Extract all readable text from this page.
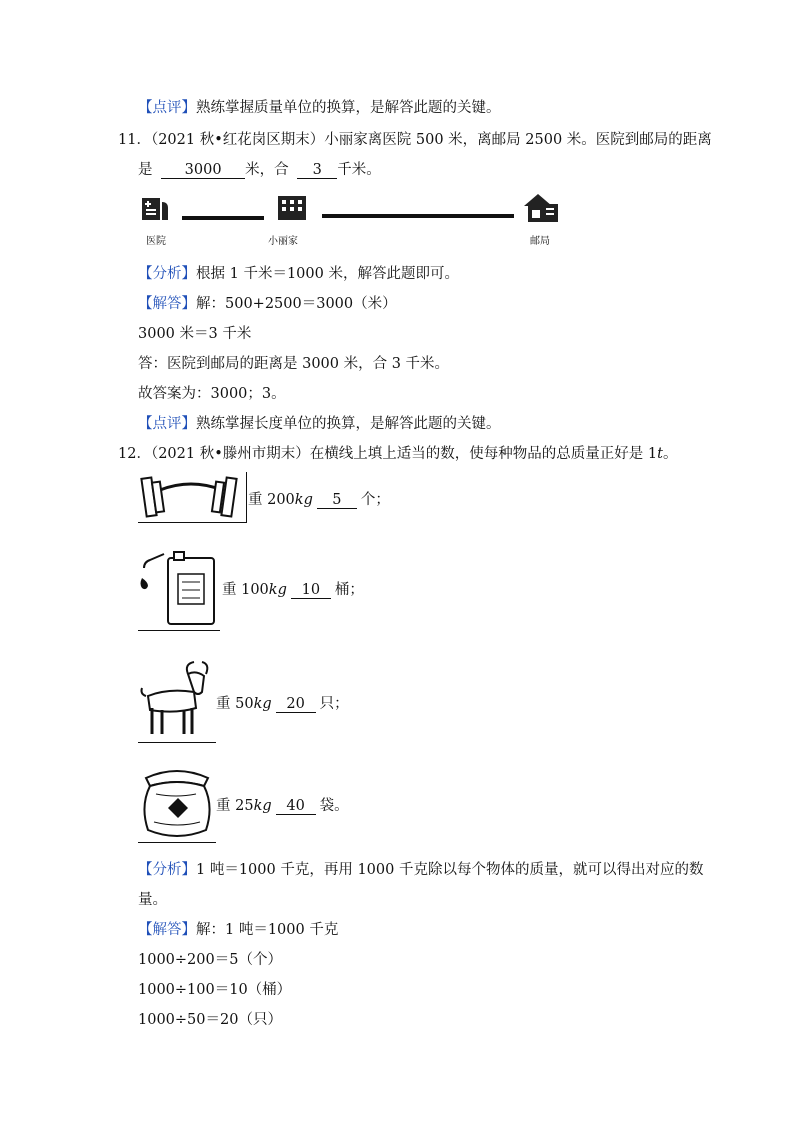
【点评】熟练掌握质量单位的换算，是解答此题的关键。
11．（2021 秋•红花岗区期末）小丽家离医院 500 米，离邮局 2500 米。医院到邮局的距离
是 3000 米，合 3 千米。
医院	小丽家	邮局
【分析】根据 1 千米＝1000 米，解答此题即可。
【解答】解：500+2500＝3000（米）
3000 米＝3 千米
答：医院到邮局的距离是 3000 米，合 3 千米。
故答案为：3000；3。
【点评】熟练掌握长度单位的换算，是解答此题的关键。
12．（2021 秋•滕州市期末）在横线上填上适当的数，使每种物品的总质量正好是 1t。
重 200kg 5 个；
重 100kg 10 桶；
重 50kg 20 只；
重 25kg 40 袋。
【分析】1 吨＝1000 千克，再用 1000 千克除以每个物体的质量，就可以得出对应的数
量。
【解答】解：1 吨＝1000 千克
1000÷200＝5（个）
1000÷100＝10（桶）
1000÷50＝20（只）
